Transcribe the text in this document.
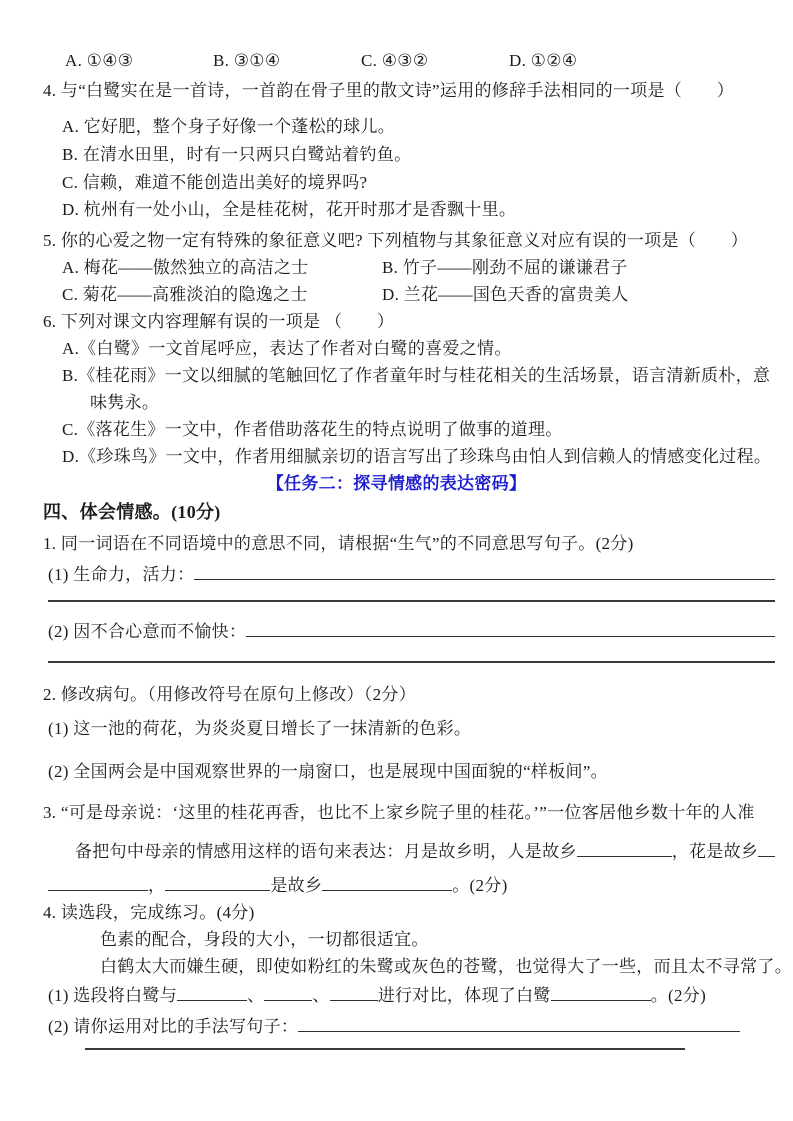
A. ①④③	B. ③①④	C. ④③②	D. ①②④
4. 与“白鹭实在是一首诗，一首韵在骨子里的散文诗”运用的修辞手法相同的一项是（　　）
A. 它好肥，整个身子好像一个蓬松的球儿。
B. 在清水田里，时有一只两只白鹭站着钓鱼。
C. 信赖，难道不能创造出美好的境界吗?
D. 杭州有一处小山，全是桂花树，花开时那才是香飘十里。
5. 你的心爱之物一定有特殊的象征意义吧? 下列植物与其象征意义对应有误的一项是（　　）
A. 梅花——傲然独立的高洁之士	B. 竹子——刚劲不屈的谦谦君子
C. 菊花——高雅淡泊的隐逸之士	D. 兰花——国色天香的富贵美人
6. 下列对课文内容理解有误的一项是 （　　）
A.《白鹭》一文首尾呼应，表达了作者对白鹭的喜爱之情。
B.《桂花雨》一文以细腻的笔触回忆了作者童年时与桂花相关的生活场景，语言清新质朴，意味隽永。
C.《落花生》一文中，作者借助落花生的特点说明了做事的道理。
D.《珍珠鸟》一文中，作者用细腻亲切的语言写出了珍珠鸟由怕人到信赖人的情感变化过程。
【任务二：探寻情感的表达密码】
四、体会情感。(10分)
1. 同一词语在不同语境中的意思不同，请根据“生气”的不同意思写句子。(2分)
(1) 生命力，活力：
(2) 因不合心意而不愉快：
2. 修改病句。（用修改符号在原句上修改）（2分）
(1) 这一池的荷花，为炎炎夏日增长了一抹清新的色彩。
(2) 全国两会是中国观察世界的一扇窗口，也是展现中国面貌的“样板间”。
3. “可是母亲说：‘这里的桂花再香，也比不上家乡院子里的桂花。’”一位客居他乡数十年的人准
备把句中母亲的情感用这样的语句来表达：月是故乡明，人是故乡	，花是故乡
，	是故乡	。(2分)
4. 读选段，完成练习。(4分)
色素的配合，身段的大小，一切都很适宜。
白鹤太大而嫌生硬，即使如粉红的朱鹭或灰色的苍鹭，也觉得大了一些，而且太不寻常了。
(1) 选段将白鹭与	、	、	进行对比，体现了白鹭	。(2分)
(2) 请你运用对比的手法写句子：
